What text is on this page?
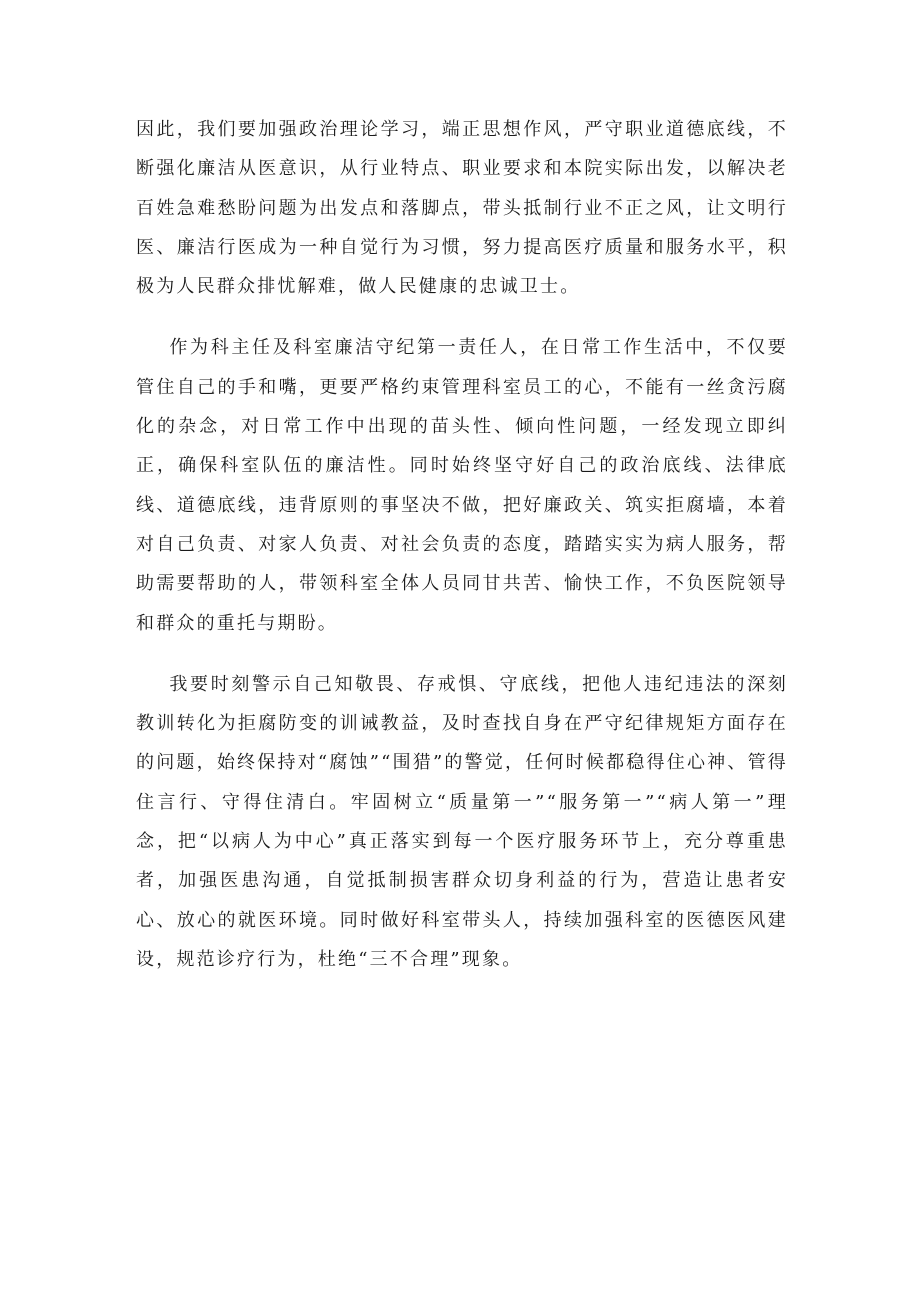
因此，我们要加强政治理论学习，端正思想作风，严守职业道德底线，不断强化廉洁从医意识，从行业特点、职业要求和本院实际出发，以解决老百姓急难愁盼问题为出发点和落脚点，带头抵制行业不正之风，让文明行医、廉洁行医成为一种自觉行为习惯，努力提高医疗质量和服务水平，积极为人民群众排忧解难，做人民健康的忠诚卫士。

作为科主任及科室廉洁守纪第一责任人，在日常工作生活中，不仅要管住自己的手和嘴，更要严格约束管理科室员工的心，不能有一丝贪污腐化的杂念，对日常工作中出现的苗头性、倾向性问题，一经发现立即纠正，确保科室队伍的廉洁性。同时始终坚守好自己的政治底线、法律底线、道德底线，违背原则的事坚决不做，把好廉政关、筑实拒腐墙，本着对自己负责、对家人负责、对社会负责的态度，踏踏实实为病人服务，帮助需要帮助的人，带领科室全体人员同甘共苦、愉快工作，不负医院领导和群众的重托与期盼。

我要时刻警示自己知敬畏、存戒惧、守底线，把他人违纪违法的深刻教训转化为拒腐防变的训诫教益，及时查找自身在严守纪律规矩方面存在的问题，始终保持对“腐蚀”“围猎”的警觉，任何时候都稳得住心神、管得住言行、守得住清白。牢固树立“质量第一”“服务第一”“病人第一”理念，把“以病人为中心”真正落实到每一个医疗服务环节上，充分尊重患者，加强医患沟通，自觉抵制损害群众切身利益的行为，营造让患者安心、放心的就医环境。同时做好科室带头人，持续加强科室的医德医风建设，规范诊疗行为，杜绝“三不合理”现象。
